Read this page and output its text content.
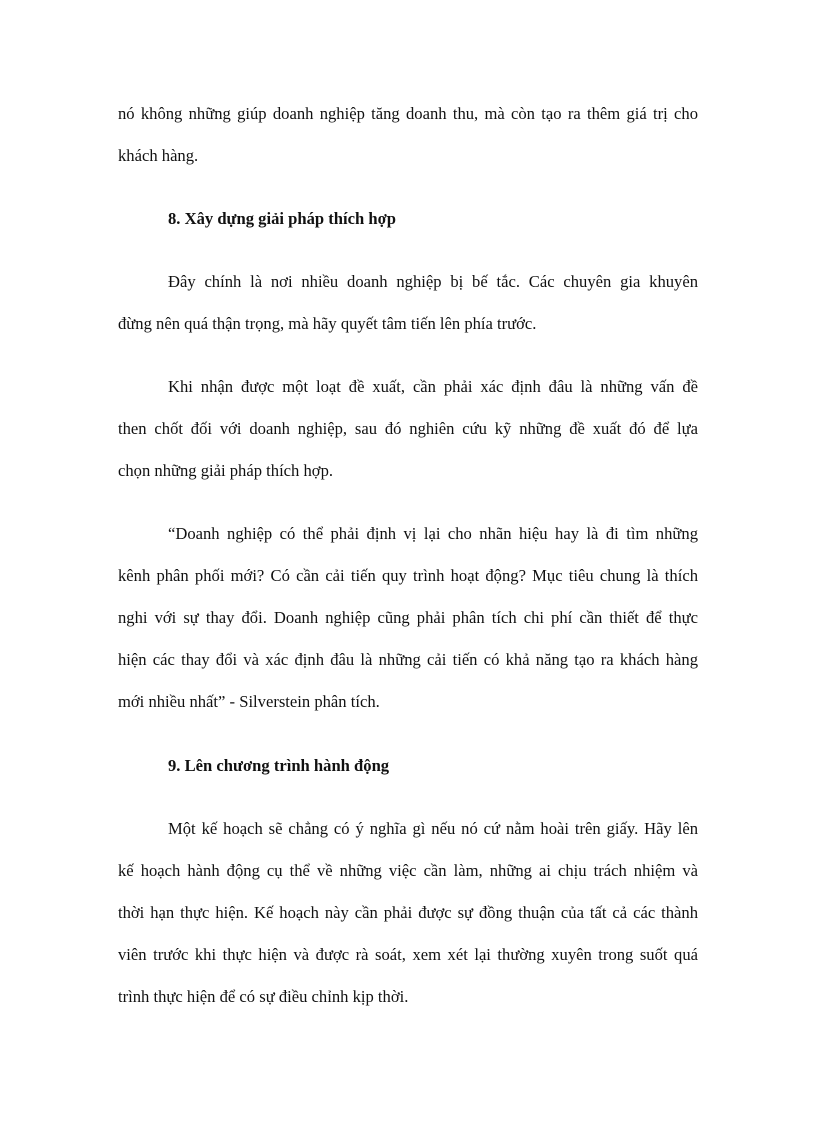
nó không những giúp doanh nghiệp tăng doanh thu, mà còn tạo ra thêm giá trị cho

khách hàng.

8. Xây dựng giải pháp thích hợp

Đây chính là nơi nhiều doanh nghiệp bị bế tắc. Các chuyên gia khuyên

đừng nên quá thận trọng, mà hãy quyết tâm tiến lên phía trước.

Khi nhận được một loạt đề xuất, cần phải xác định đâu là những vấn đề

then chốt đối với doanh nghiệp, sau đó nghiên cứu kỹ những đề xuất đó để lựa

chọn những giải pháp thích hợp.

“Doanh nghiệp có thể phải định vị lại cho nhãn hiệu hay là đi tìm những

kênh phân phối mới? Có cần cải tiến quy trình hoạt động? Mục tiêu chung là thích

nghi với sự thay đổi. Doanh nghiệp cũng phải phân tích chi phí cần thiết để thực

hiện các thay đổi và xác định đâu là những cải tiến có khả năng tạo ra khách hàng

mới nhiều nhất” - Silverstein phân tích.

9. Lên chương trình hành động

Một kế hoạch sẽ chẳng có ý nghĩa gì nếu nó cứ nằm hoài trên giấy. Hãy lên

kế hoạch hành động cụ thể về những việc cần làm, những ai chịu trách nhiệm và

thời hạn thực hiện. Kế hoạch này cần phải được sự đồng thuận của tất cả các thành

viên trước khi thực hiện và được rà soát, xem xét lại thường xuyên trong suốt quá

trình thực hiện để có sự điều chỉnh kịp thời.
